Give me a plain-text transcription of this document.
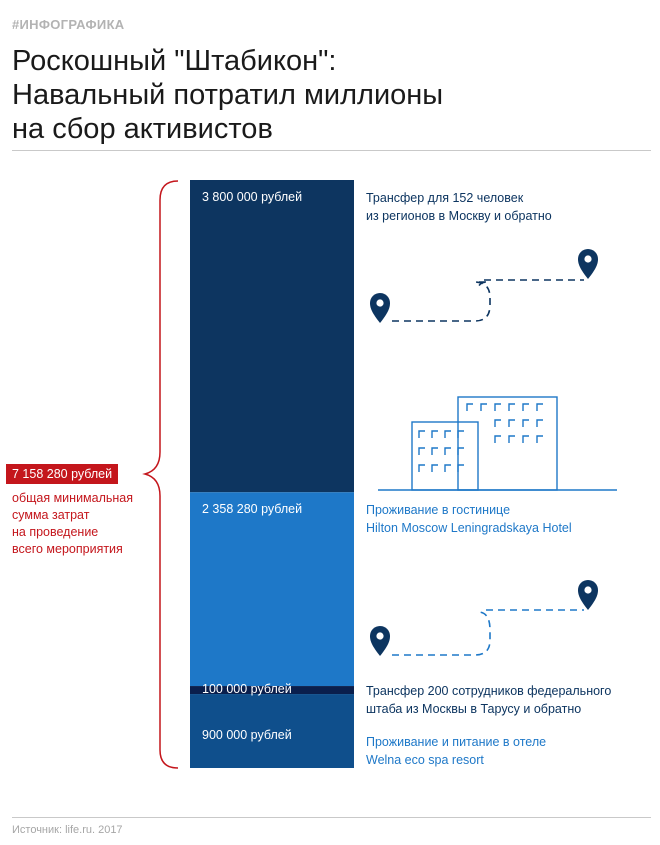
#ИНФОГРАФИКА
Роскошный "Штабикон":
Навальный потратил миллионы
на сбор активистов
3 800 000 рублей
2 358 280 рублей
100 000 рублей
900 000 рублей
Трансфер для 152 человек
из регионов в Москву и обратно
Проживание в гостинице
Hilton Moscow Leningradskaya Hotel
Трансфер 200 сотрудников федерального
штаба из Москвы в Тарусу и обратно
Проживание и питание в отеле
Welna eco spa resort
7 158 280 рублей
общая минимальная
сумма затрат
на проведение
всего мероприятия
Источник: life.ru. 2017
